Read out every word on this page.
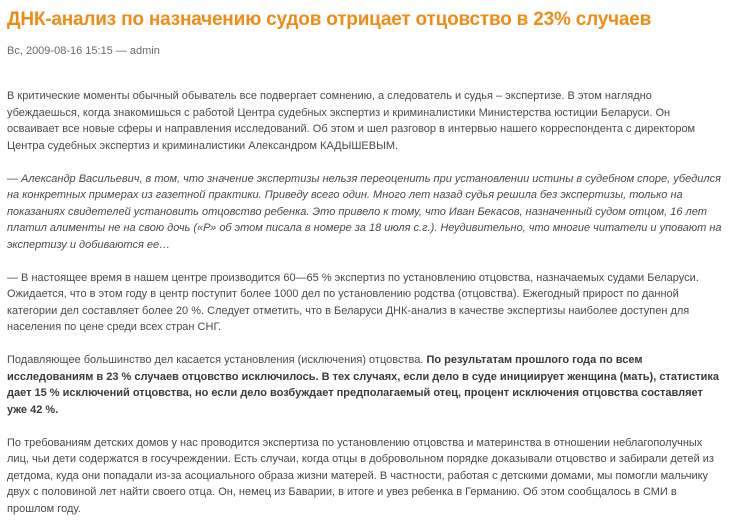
ДНК-анализ по назначению судов отрицает отцовство в 23% случаев
Вс, 2009-08-16 15:15 — admin

В критические моменты обычный обыватель все подвергает сомнению, а следователь и судья – экспертизе. В этом наглядно убеждаешься, когда знакомишься с работой Центра судебных экспертиз и криминалистики Министерства юстиции Беларуси. Он осваивает все новые сферы и направления исследований. Об этом и шел разговор в интервью нашего корреспондента с директором Центра судебных экспертиз и криминалистики Александром КАДЫШЕВЫМ.

— Александр Васильевич, в том, что значение экспертизы нельзя переоценить при установлении истины в судебном споре, убедился на конкретных примерах из газетной практики. Приведу всего один. Много лет назад судья решила без экспертизы, только на показаниях свидетелей установить отцовство ребенка. Это привело к тому, что Иван Бекасов, назначенный судом отцом, 16 лет платил алименты не на свою дочь («Р» об этом писала в номере за 18 июля с.г.). Неудивительно, что многие читатели и уповают на экспертизу и добиваются ее…

— В настоящее время в нашем центре производится 60—65 % экспертиз по установлению отцовства, назначаемых судами Беларуси. Ожидается, что в этом году в центр поступит более 1000 дел по установлению родства (отцовства). Ежегодный прирост по данной категории дел составляет более 20 %. Следует отметить, что в Беларуси ДНК-анализ в качестве экспертизы наиболее доступен для населения по цене среди всех стран СНГ.

Подавляющее большинство дел касается установления (исключения) отцовства. По результатам прошлого года по всем исследованиям в 23 % случаев отцовство исключилось. В тех случаях, если дело в суде инициирует женщина (мать), статистика дает 15 % исключений отцовства, но если дело возбуждает предполагаемый отец, процент исключения отцовства составляет уже 42 %.

По требованиям детских домов у нас проводится экспертиза по установлению отцовства и материнства в отношении неблагополучных лиц, чьи дети содержатся в госучреждении. Есть случаи, когда отцы в добровольном порядке доказывали отцовство и забирали детей из детдома, куда они попадали из-за асоциального образа жизни матерей. В частности, работая с детскими домами, мы помогли мальчику двух с половиной лет найти своего отца. Он, немец из Баварии, в итоге и увез ребенка в Германию. Об этом сообщалось в СМИ в прошлом году.
